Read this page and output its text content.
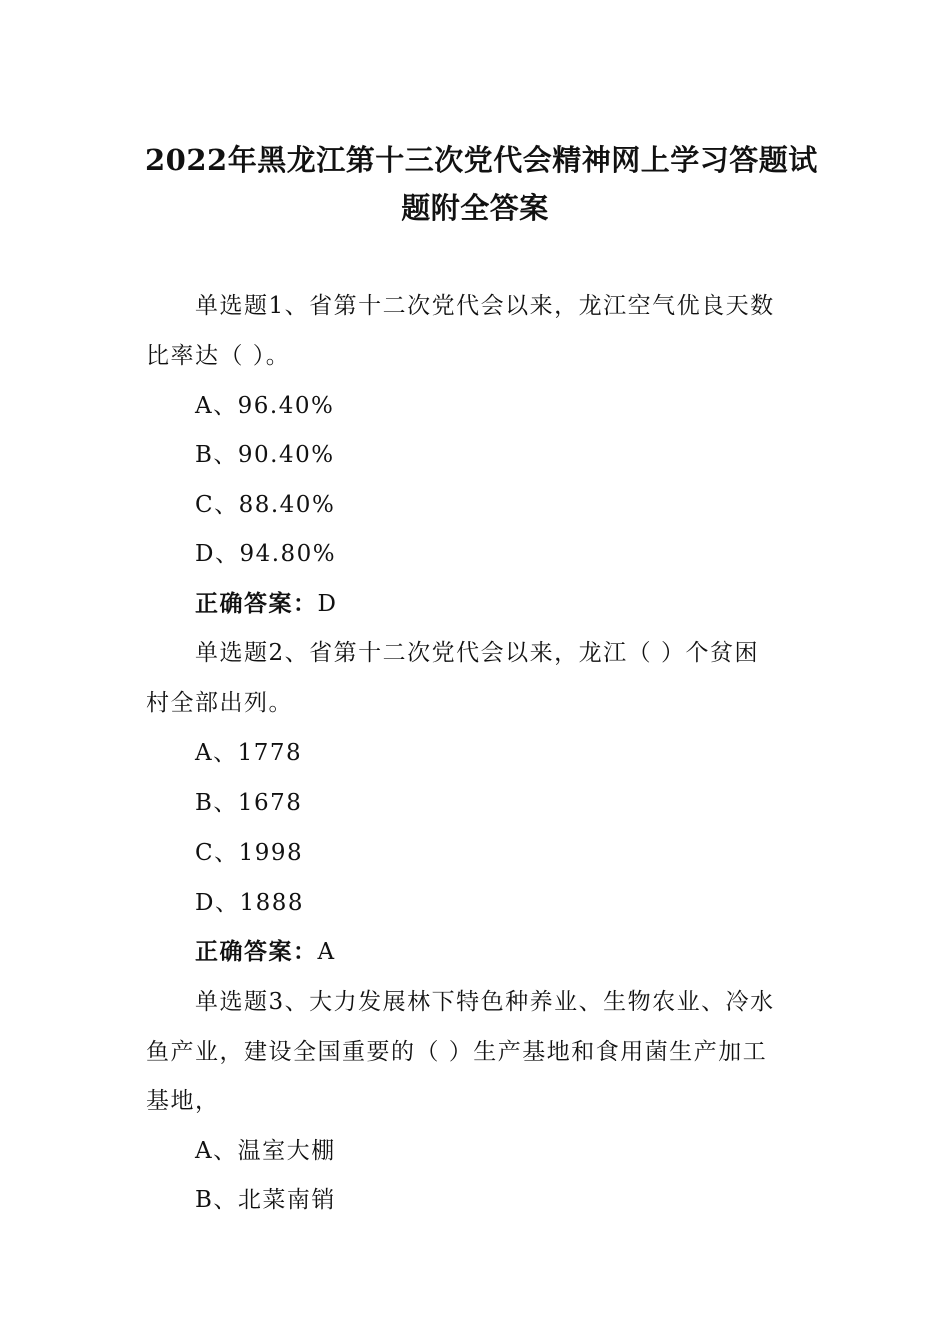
2022年黑龙江第十三次党代会精神网上学习答题试
题附全答案
单选题1、省第十二次党代会以来，龙江空气优良天数
比率达（ ）。
A、96.40%
B、90.40%
C、88.40%
D、94.80%
正确答案：D
单选题2、省第十二次党代会以来，龙江（ ）个贫困
村全部出列。
A、1778
B、1678
C、1998
D、1888
正确答案：A
单选题3、大力发展林下特色种养业、生物农业、冷水
鱼产业，建设全国重要的（ ）生产基地和食用菌生产加工
基地，
A、温室大棚
B、北菜南销
